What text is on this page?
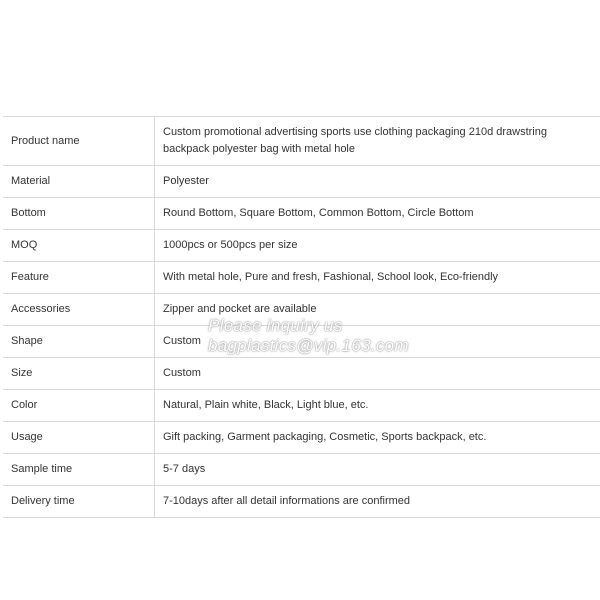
Product name	Custom promotional advertising sports use clothing packaging 210d drawstring backpack polyester bag with metal hole
Material	Polyester
Bottom	Round Bottom, Square Bottom, Common Bottom, Circle Bottom
MOQ	1000pcs or 500pcs per size
Feature	With metal hole, Pure and fresh, Fashional, School look, Eco-friendly
Accessories	Zipper and pocket are available
Shape	Custom
Size	Custom
Color	Natural, Plain white, Black, Light blue, etc.
Usage	Gift packing, Garment packaging, Cosmetic, Sports backpack, etc.
Sample time	5-7 days
Delivery time	7-10days after all detail informations are confirmed
Please inquiry us
bagplastics@vip.163.com
